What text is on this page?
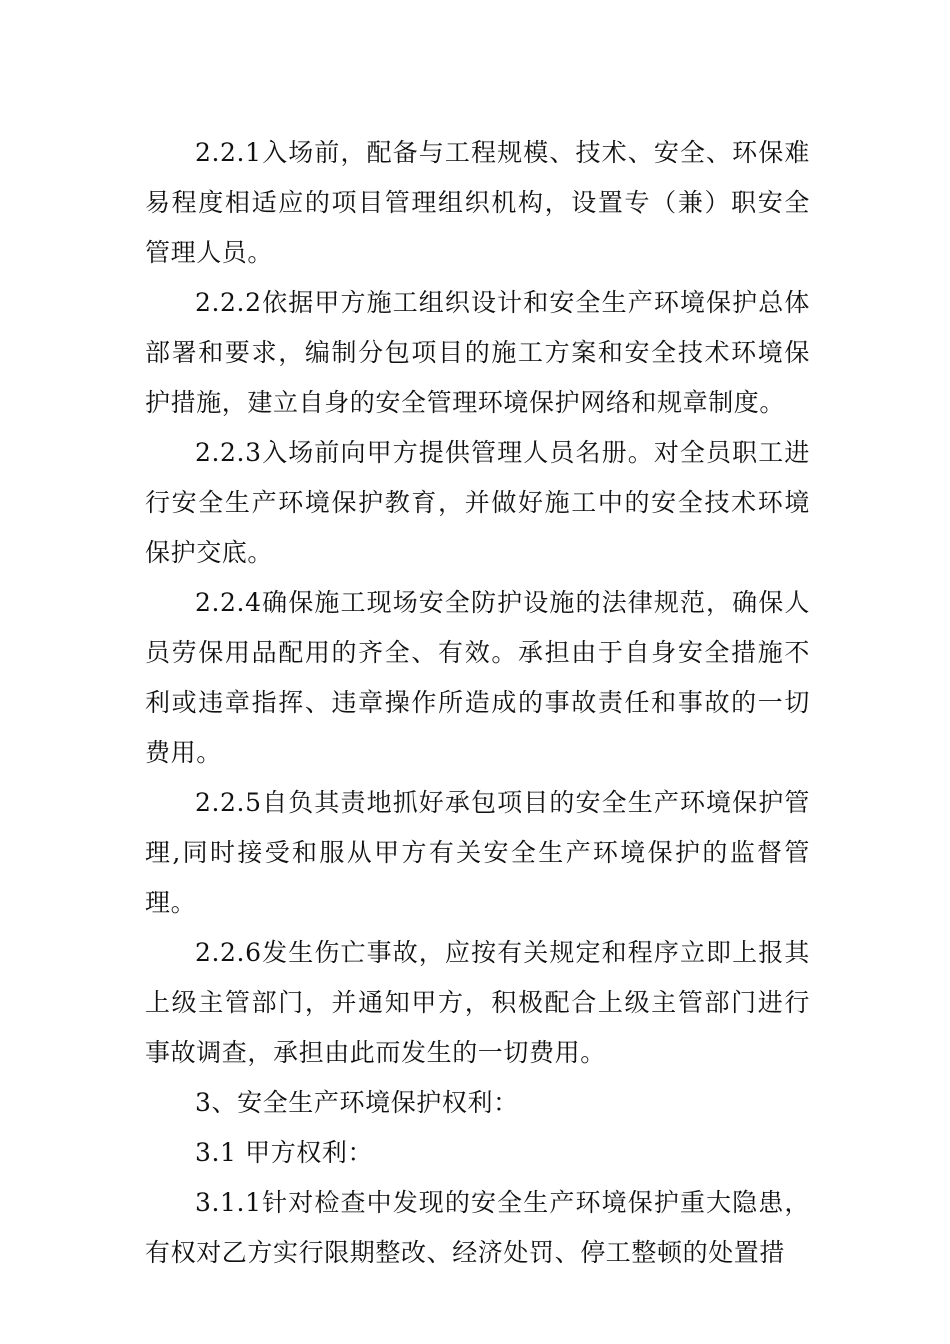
2.2.1入场前，配备与工程规模、技术、安全、环保难易程度相适应的项目管理组织机构，设置专（兼）职安全管理人员。

2.2.2依据甲方施工组织设计和安全生产环境保护总体部署和要求，编制分包项目的施工方案和安全技术环境保护措施，建立自身的安全管理环境保护网络和规章制度。

2.2.3入场前向甲方提供管理人员名册。对全员职工进行安全生产环境保护教育，并做好施工中的安全技术环境保护交底。

2.2.4确保施工现场安全防护设施的法律规范，确保人员劳保用品配用的齐全、有效。承担由于自身安全措施不利或违章指挥、违章操作所造成的事故责任和事故的一切费用。

2.2.5自负其责地抓好承包项目的安全生产环境保护管理,同时接受和服从甲方有关安全生产环境保护的监督管理。

2.2.6发生伤亡事故，应按有关规定和程序立即上报其上级主管部门，并通知甲方，积极配合上级主管部门进行事故调查，承担由此而发生的一切费用。

3、安全生产环境保护权利：

3.1 甲方权利：

3.1.1针对检查中发现的安全生产环境保护重大隐患，有权对乙方实行限期整改、经济处罚、停工整顿的处置措
